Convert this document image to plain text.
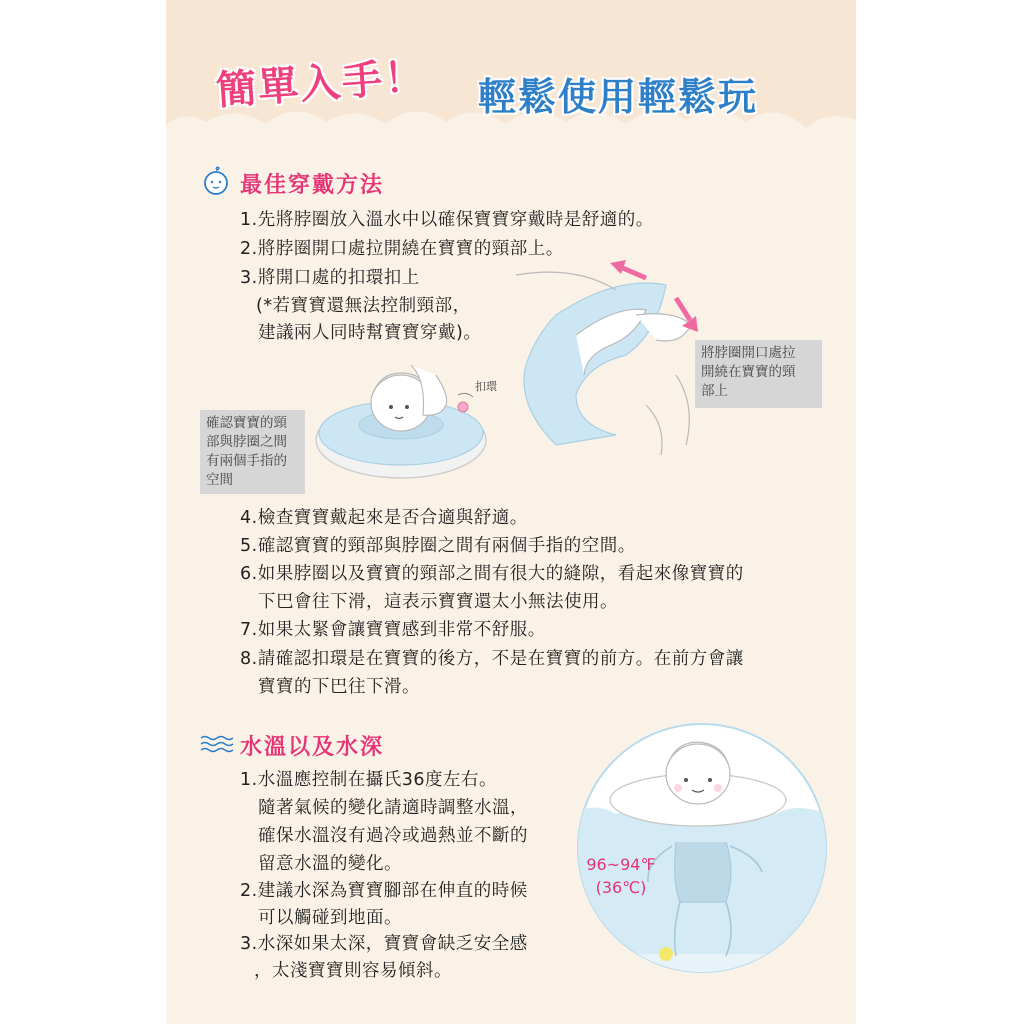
簡單入手！ 輕鬆使用輕鬆玩
最佳穿戴方法
1.先將脖圈放入溫水中以確保寶寶穿戴時是舒適的。
2.將脖圈開口處拉開繞在寶寶的頸部上。
3.將開口處的扣環扣上
(*若寶寶還無法控制頸部，
建議兩人同時幫寶寶穿戴)。
扣環
將脖圈開口處拉
開繞在寶寶的頸
部上
確認寶寶的頸
部與脖圈之間
有兩個手指的
空間
4.檢查寶寶戴起來是否合適與舒適。
5.確認寶寶的頸部與脖圈之間有兩個手指的空間。
6.如果脖圈以及寶寶的頸部之間有很大的縫隙，看起來像寶寶的
下巴會往下滑，這表示寶寶還太小無法使用。
7.如果太緊會讓寶寶感到非常不舒服。
8.請確認扣環是在寶寶的後方，不是在寶寶的前方。在前方會讓
寶寶的下巴往下滑。
水溫以及水深
1.水溫應控制在攝氏36度左右。
隨著氣候的變化請適時調整水溫，
確保水溫沒有過冷或過熱並不斷的
留意水溫的變化。
2.建議水深為寶寶腳部在伸直的時候
可以觸碰到地面。
3.水深如果太深，寶寶會缺乏安全感
，太淺寶寶則容易傾斜。
96~94℉
(36℃)
